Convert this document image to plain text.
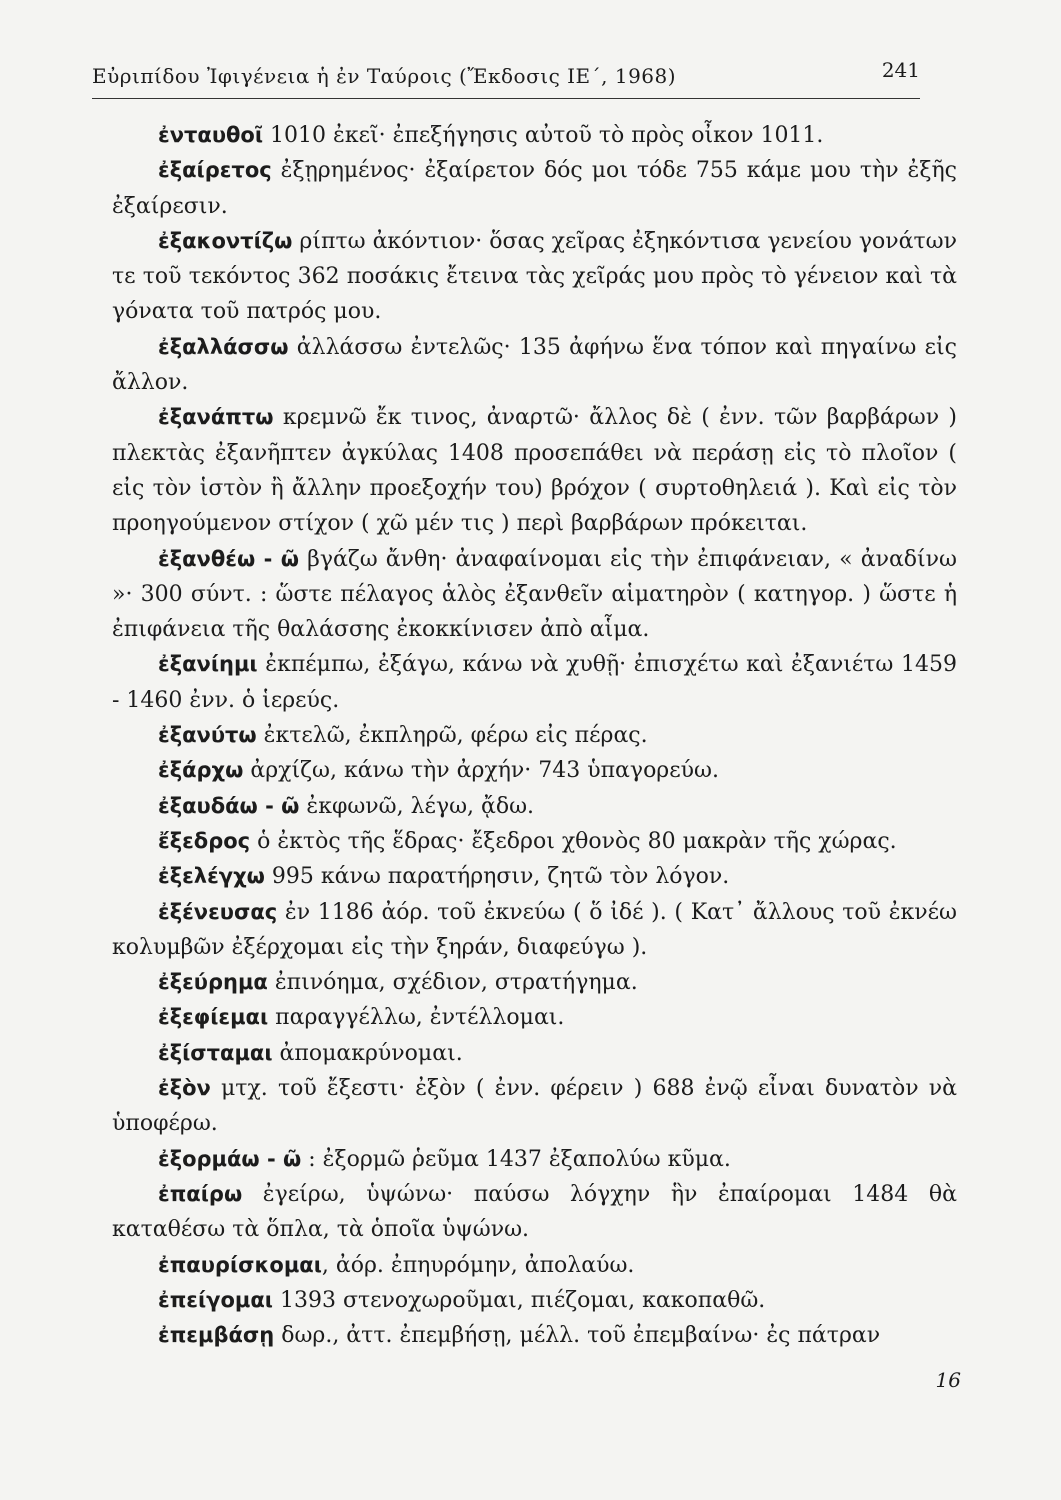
Εὐριπίδου Ἰφιγένεια ἡ ἐν Ταύροις (Ἔκδοσις ΙΕ΄, 1968)	241

ἐνταυθοῖ 1010 ἐκεῖ· ἐπεξήγησις αὐτοῦ τὸ πρὸς οἶκον 1011.

ἐξαίρετος ἐξῃρημένος· ἐξαίρετον δός μοι τόδε 755 κάμε μου τὴν ἐξῆς ἐξαίρεσιν.

ἐξακοντίζω ρίπτω ἀκόντιον· ὅσας χεῖρας ἐξηκόντισα γενείου γονάτων τε τοῦ τεκόντος 362 ποσάκις ἔτεινα τὰς χεῖράς μου πρὸς τὸ γένειον καὶ τὰ γόνατα τοῦ πατρός μου.

ἐξαλλάσσω ἀλλάσσω ἐντελῶς· 135 ἀφήνω ἕνα τόπον καὶ πηγαίνω εἰς ἄλλον.

ἐξανάπτω κρεμνῶ ἔκ τινος, ἀναρτῶ· ἄλλος δὲ ( ἐνν. τῶν βαρβάρων ) πλεκτὰς ἐξανῆπτεν ἀγκύλας 1408 προσεπάθει νὰ περάσῃ εἰς τὸ πλοῖον ( εἰς τὸν ἱστὸν ἢ ἄλλην προεξοχήν του) βρόχον ( συρτοθηλειά ). Καὶ εἰς τὸν προηγούμενον στίχον ( χῶ μέν τις ) περὶ βαρβάρων πρόκειται.

ἐξανθέω - ῶ βγάζω ἄνθη· ἀναφαίνομαι εἰς τὴν ἐπιφάνειαν, « ἀναδίνω »· 300 σύντ. : ὥστε πέλαγος ἁλὸς ἐξανθεῖν αἱματηρὸν ( κατηγορ. ) ὥστε ἡ ἐπιφάνεια τῆς θαλάσσης ἐκοκκίνισεν ἀπὸ αἷμα.

ἐξανίημι ἐκπέμπω, ἐξάγω, κάνω νὰ χυθῇ· ἐπισχέτω καὶ ἐξανιέτω 1459 - 1460 ἐνν. ὁ ἱερεύς.

ἐξανύτω ἐκτελῶ, ἐκπληρῶ, φέρω εἰς πέρας.

ἐξάρχω ἀρχίζω, κάνω τὴν ἀρχήν· 743 ὑπαγορεύω.

ἐξαυδάω - ῶ ἐκφωνῶ, λέγω, ᾄδω.

ἔξεδρος ὁ ἐκτὸς τῆς ἕδρας· ἔξεδροι χθονὸς 80 μακρὰν τῆς χώρας.

ἐξελέγχω 995 κάνω παρατήρησιν, ζητῶ τὸν λόγον.

ἐξένευσας ἐν 1186 ἀόρ. τοῦ ἐκνεύω ( ὅ ἰδέ ). ( Κατ᾽ ἄλλους τοῦ ἐκνέω κολυμβῶν ἐξέρχομαι εἰς τὴν ξηράν, διαφεύγω ).

ἐξεύρημα ἐπινόημα, σχέδιον, στρατήγημα.

ἐξεφίεμαι παραγγέλλω, ἐντέλλομαι.

ἐξίσταμαι ἀπομακρύνομαι.

ἐξὸν μτχ. τοῦ ἔξεστι· ἐξὸν ( ἐνν. φέρειν ) 688 ἐνῷ εἶναι δυνατὸν νὰ ὑποφέρω.

ἐξορμάω - ῶ : ἐξορμῶ ῥεῦμα 1437 ἐξαπολύω κῦμα.

ἐπαίρω ἐγείρω, ὑψώνω· παύσω λόγχην ἣν ἐπαίρομαι 1484 θὰ καταθέσω τὰ ὅπλα, τὰ ὁποῖα ὑψώνω.

ἐπαυρίσκομαι, ἀόρ. ἐπηυρόμην, ἀπολαύω.

ἐπείγομαι 1393 στενοχωροῦμαι, πιέζομαι, κακοπαθῶ.

ἐπεμβάσῃ δωρ., ἀττ. ἐπεμβήσῃ, μέλλ. τοῦ ἐπεμβαίνω· ἐς πάτραν

16
